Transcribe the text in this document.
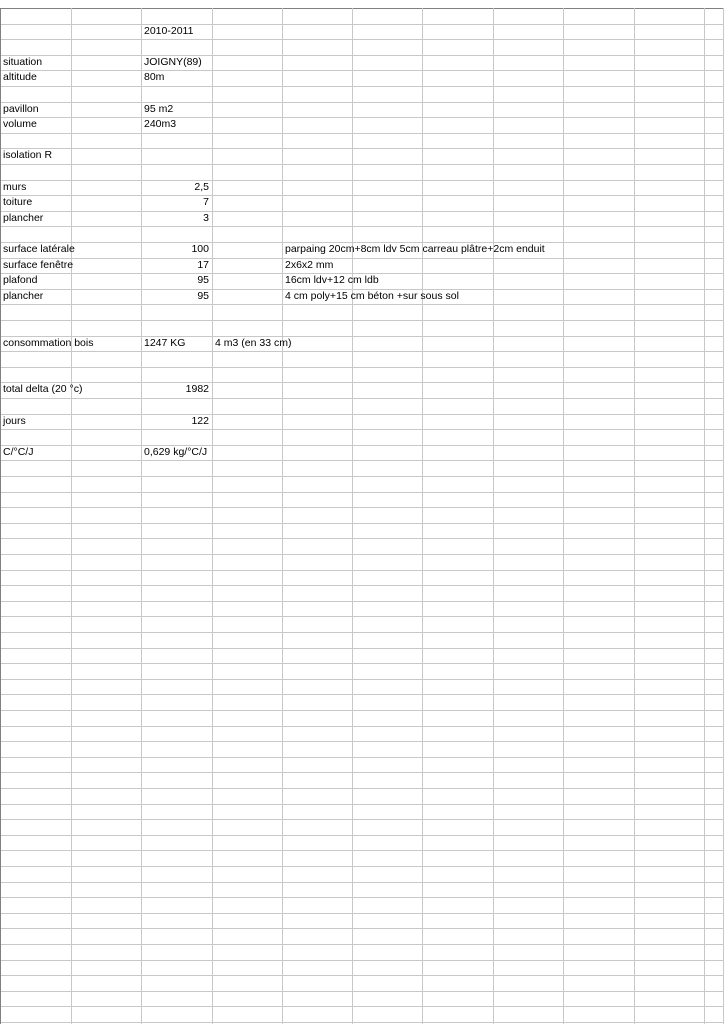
2010-2011
situation	JOIGNY(89)
altitude	80m
pavillon	95 m2
volume	240m3
isolation R
murs	2,5
toiture	7
plancher	3
surface latérale	100	parpaing 20cm+8cm ldv 5cm carreau plâtre+2cm enduit
surface fenêtre	17	2x6x2 mm
plafond	95	16cm ldv+12 cm ldb
plancher	95	4 cm poly+15 cm béton +sur sous sol
consommation bois	1247 KG	4 m3 (en 33 cm)
total delta (20 °c)	1982
jours	122
C/°C/J	0,629 kg/°C/J
